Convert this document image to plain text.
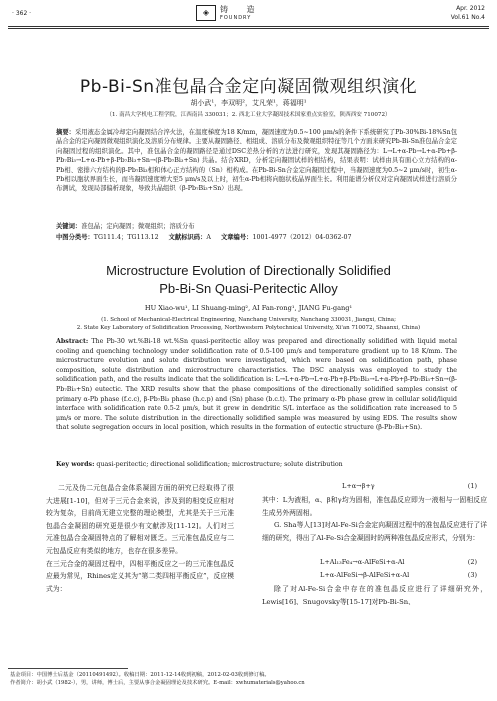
· 362 ·	◈	铸 造
FOUNDRY
Apr. 2012
Vol.61 No.4
Pb-Bi-Sn准包晶合金定向凝固微观组织演化
胡小武¹，李双明²，艾凡荣¹，蒋福明¹
（1. 南昌大学机电工程学院，江西南昌 330031；2. 西北工业大学凝固技术国家重点实验室，陕西西安 710072）
摘要：采用液态金属冷却定向凝固结合淬火法，在温度梯度为18 K/mm，凝固速度为0.5~100 μm/s的条件下系统研究了Pb-30%Bi-18%Sn包晶合金的定向凝固微观组织演化及溶质分布规律。主要从凝固路径、相组成、溶质分布及微观组织特征等几个方面来研究Pb-Bi-Sn准包晶合金定向凝固过程的组织演化。其中，准包晶合金的凝固路径是通过DSC差热分析的方法进行研究，发现其凝固路径为：L→L+α-Pb→L+α-Pb+β-Pb₇Bi₃→L+α-Pb+β-Pb₇Bi₃+Sn→(β-Pb₇Bi₃+Sn) 共晶。结合XRD，分析定向凝固试样的相结构，结果表明：试样由具有面心立方结构的α-Pb相、密排六方结构的β-Pb₇Bi₃相和体心正方结构的（Sn）相构成。在Pb-Bi-Sn合金定向凝固过程中，当凝固速度为0.5~2 μm/s时，初生α-Pb相以胞状界面生长，而当凝固速度增大至5 μm/s及以上时，初生α-Pb相将向胞状枝晶界面生长。利用能谱分析仪对定向凝固试样进行溶质分布测试，发现局部偏析现象，导致共晶组织（β-Pb₇Bi₃+Sn）出现。
关键词：准包晶；定向凝固；微观组织；溶质分布
中图分类号：TG111.4；TG113.12 文献标识码：A 文章编号：1001-4977（2012）04-0362-07
Microstructure Evolution of Directionally Solidified
Pb-Bi-Sn Quasi-Peritectic Alloy
HU Xiao-wu¹, LI Shuang-ming², AI Fan-rong¹, JIANG Fu-gang¹
(1. School of Mechanical-Electrical Engineering, Nanchang University, Nanchang 330031, Jiangxi, China;
2. State Key Laboratory of Solidification Processing, Northwestern Polytechnical University, Xi'an 710072, Shaanxi, China)
Abstract: The Pb-30 wt.%Bi-18 wt.%Sn quasi-peritectic alloy was prepared and directionally solidified with liquid metal cooling and quenching technology under solidification rate of 0.5-100 μm/s and temperature gradient up to 18 K/mm. The microstructure evolution and solute distribution were investigated, which were based on solidification path, phase composition, solute distribution and microstructure characteristics. The DSC analysis was employed to study the solidification path, and the results indicate that the solidification is: L→L+α-Pb→L+α-Pb+β-Pb₇Bi₃→L+α-Pb+β-Pb₇Bi₃+Sn→(β-Pb₇Bi₃+Sn) eutectic. The XRD results show that the phase compositions of the directionally solidified samples consist of primary α-Pb phase (f.c.c), β-Pb₇Bi₃ phase (h.c.p) and (Sn) phase (b.c.t). The primary α-Pb phase grew in cellular solid/liquid interface with solidification rate 0.5-2 μm/s, but it grew in dendritic S/L interface as the solidification rate increased to 5 μm/s or more. The solute distribution in the directionally solidified sample was measured by using EDS. The results show that solute segregation occurs in local position, which results in the formation of eutectic structure (β-Pb₇Bi₃+Sn).
Key words: quasi-peritectic; directional solidification; microstructure; solute distribution
二元及伪二元包晶合金体系凝固方面的研究已经取得了很大进展[1-10]，但对于三元合金来说，涉及到的相变反应相对较为复杂，目前尚无建立完整的理论模型，尤其是关于三元准包晶合金凝固的研究更是很少有文献涉及[11-12]。人们对三元准包晶合金凝固特点的了解相对匮乏。三元准包晶反应与二元包晶反应有类似的地方，也存在很多差异。
在三元合金的凝固过程中，四相平衡反应之一的三元准包晶反应最为常见，Rhines定义其为“第二类四相平衡反应”，反应模式为：
L+α→β+γ	(1)
其中：L为液相，α、β和γ均为固相，准包晶反应即为一液相与一固相反应生成另外两固相。
G. Sha等人[13]对Al-Fe-Si合金定向凝固过程中的准包晶反应进行了详细的研究，得出了Al-Fe-Si合金凝固时的两种准包晶反应形式，分别为：
L+Al₁₃Fe₄→α-AlFeSi+α-Al	(2)
L+α-AlFeSi→β-AlFeSi+α-Al	(3)
除了对Al-Fe-Si合金中存在的准包晶反应进行了详细研究外，Lewis[16]、Snugovsky等[15-17]对Pb-Bi-Sn、
基金项目：中国博士后基金（20110491492）。收稿日期：2011-12-14收到初稿，2012-02-03收到修订稿。
作者简介：胡小武（1982-），男，讲师，博士后，主要从事合金凝固理论及技术研究。E-mail：xwhumaterials@yahoo.cn
